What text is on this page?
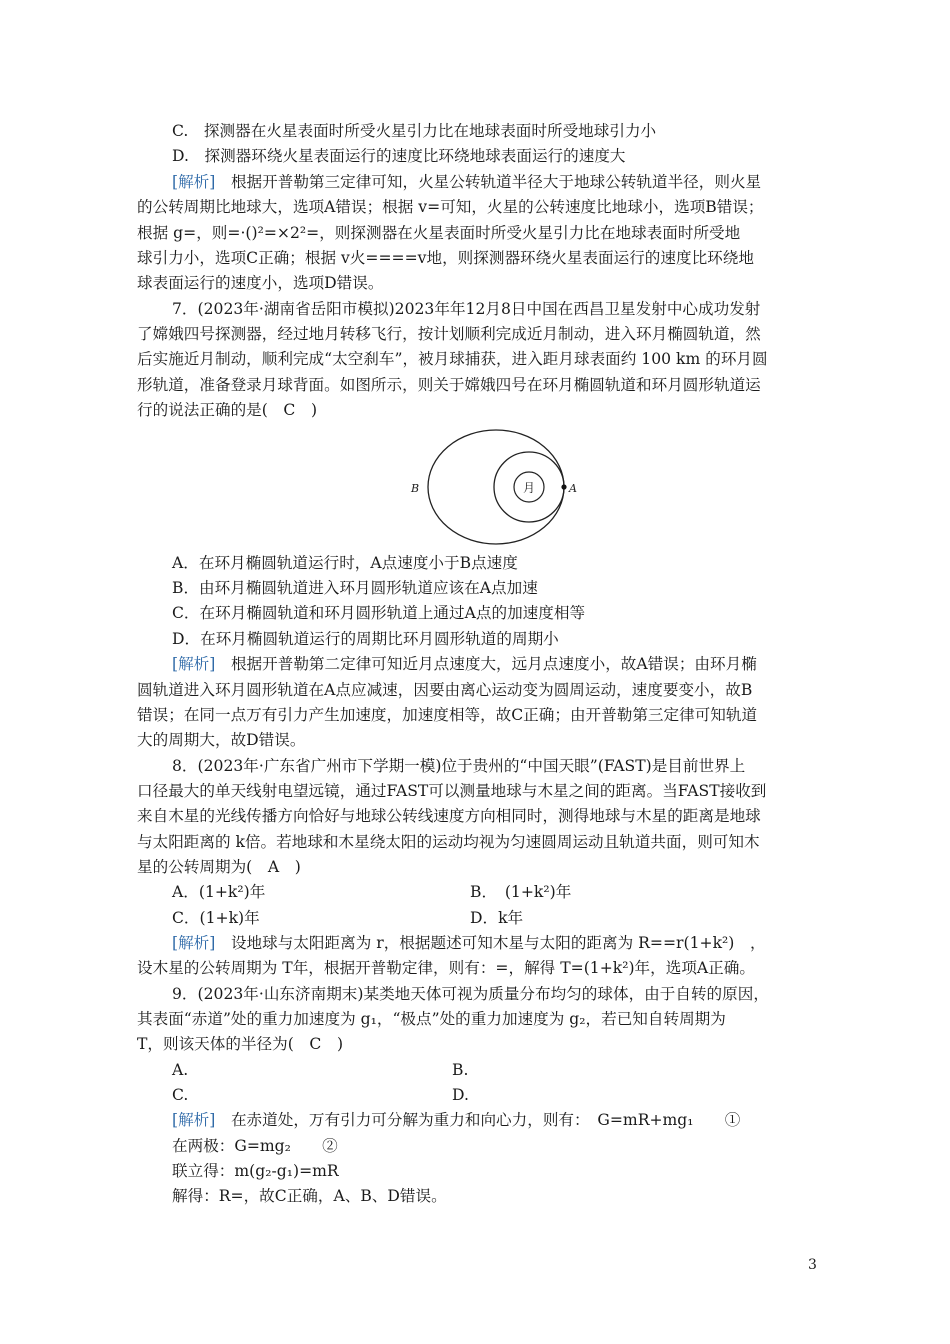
C.　探测器在火星表面时所受火星引力比在地球表面时所受地球引力小
D.　探测器环绕火星表面运行的速度比环绕地球表面运行的速度大
[解析]　根据开普勒第三定律可知，火星公转轨道半径大于地球公转轨道半径，则火星
的公转周期比地球大，选项A错误；根据 v=可知，火星的公转速度比地球小，选项B错误；
根据 g=，则=·()²=×2²=，则探测器在火星表面时所受火星引力比在地球表面时所受地
球引力小，选项C正确；根据 v火====v地，则探测器环绕火星表面运行的速度比环绕地
球表面运行的速度小，选项D错误。
7．(2023年·湖南省岳阳市模拟)2023年年12月8日中国在西昌卫星发射中心成功发射
了嫦娥四号探测器，经过地月转移飞行，按计划顺利完成近月制动，进入环月椭圆轨道，然
后实施近月制动，顺利完成“太空刹车”，被月球捕获，进入距月球表面约 100 km 的环月圆
形轨道，准备登录月球背面。如图所示，则关于嫦娥四号在环月椭圆轨道和环月圆形轨道运
行的说法正确的是(　C　)
月	A
B
A．在环月椭圆轨道运行时，A点速度小于B点速度
B．由环月椭圆轨道进入环月圆形轨道应该在A点加速
C．在环月椭圆轨道和环月圆形轨道上通过A点的加速度相等
D．在环月椭圆轨道运行的周期比环月圆形轨道的周期小
[解析]　根据开普勒第二定律可知近月点速度大，远月点速度小，故A错误；由环月椭
圆轨道进入环月圆形轨道在A点应减速，因要由离心运动变为圆周运动，速度要变小，故B
错误；在同一点万有引力产生加速度，加速度相等，故C正确；由开普勒第三定律可知轨道
大的周期大，故D错误。
8．(2023年·广东省广州市下学期一模)位于贵州的“中国天眼”(FAST)是目前世界上
口径最大的单天线射电望远镜，通过FAST可以测量地球与木星之间的距离。当FAST接收到
来自木星的光线传播方向恰好与地球公转线速度方向相同时，测得地球与木星的距离是地球
与太阳距离的 k倍。若地球和木星绕太阳的运动均视为匀速圆周运动且轨道共面，则可知木
星的公转周期为(　A　)
A．(1+k²)年	B．　(1+k²)年
C．(1+k)年	D．k年
[解析]　设地球与太阳距离为 r，根据题述可知木星与太阳的距离为 R==r(1+k²)　，
设木星的公转周期为 T年，根据开普勒定律，则有：=，解得 T=(1+k²)年，选项A正确。
9．(2023年·山东济南期末)某类地天体可视为质量分布均匀的球体，由于自转的原因，
其表面“赤道”处的重力加速度为 g₁，“极点”处的重力加速度为 g₂，若已知自转周期为
T，则该天体的半径为(　C　)
A.	B.
C.	D.
[解析]　在赤道处，万有引力可分解为重力和向心力，则有：　G=mR+mg₁　　①
在两极：G=mg₂　　②
联立得：m(g₂-g₁)=mR
解得：R=，故C正确，A、B、D错误。
3
